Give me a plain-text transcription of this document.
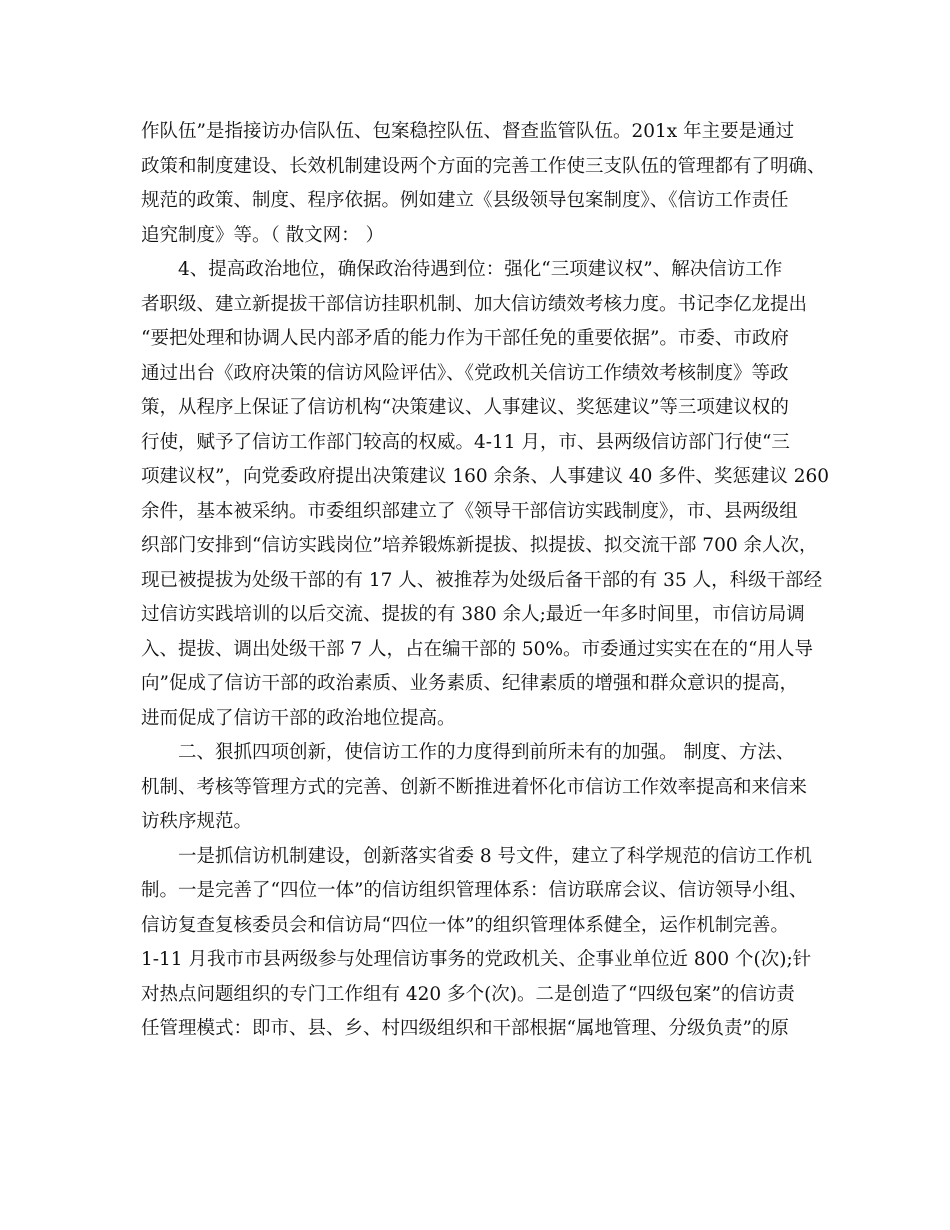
作队伍”是指接访办信队伍、包案稳控队伍、督查监管队伍。201x 年主要是通过
政策和制度建设、长效机制建设两个方面的完善工作使三支队伍的管理都有了明确、
规范的政策、制度、程序依据。例如建立《县级领导包案制度》、《信访工作责任
追究制度》等。（ 散文网： ）
4、提高政治地位，确保政治待遇到位：强化“三项建议权”、解决信访工作
者职级、建立新提拔干部信访挂职机制、加大信访绩效考核力度。书记李亿龙提出
“要把处理和协调人民内部矛盾的能力作为干部任免的重要依据”。市委、市政府
通过出台《政府决策的信访风险评估》、《党政机关信访工作绩效考核制度》等政
策，从程序上保证了信访机构“决策建议、人事建议、奖惩建议”等三项建议权的
行使，赋予了信访工作部门较高的权威。4-11 月，市、县两级信访部门行使“三
项建议权”，向党委政府提出决策建议 160 余条、人事建议 40 多件、奖惩建议 260
余件，基本被采纳。市委组织部建立了《领导干部信访实践制度》，市、县两级组
织部门安排到“信访实践岗位”培养锻炼新提拔、拟提拔、拟交流干部 700 余人次，
现已被提拔为处级干部的有 17 人、被推荐为处级后备干部的有 35 人，科级干部经
过信访实践培训的以后交流、提拔的有 380 余人;最近一年多时间里，市信访局调
入、提拔、调出处级干部 7 人，占在编干部的 50%。市委通过实实在在的“用人导
向”促成了信访干部的政治素质、业务素质、纪律素质的增强和群众意识的提高，
进而促成了信访干部的政治地位提高。
二、狠抓四项创新，使信访工作的力度得到前所未有的加强。 制度、方法、
机制、考核等管理方式的完善、创新不断推进着怀化市信访工作效率提高和来信来
访秩序规范。
一是抓信访机制建设，创新落实省委 8 号文件，建立了科学规范的信访工作机
制。一是完善了“四位一体”的信访组织管理体系：信访联席会议、信访领导小组、
信访复查复核委员会和信访局“四位一体”的组织管理体系健全，运作机制完善。
1-11 月我市市县两级参与处理信访事务的党政机关、企事业单位近 800 个(次);针
对热点问题组织的专门工作组有 420 多个(次)。二是创造了“四级包案”的信访责
任管理模式：即市、县、乡、村四级组织和干部根据“属地管理、分级负责”的原
